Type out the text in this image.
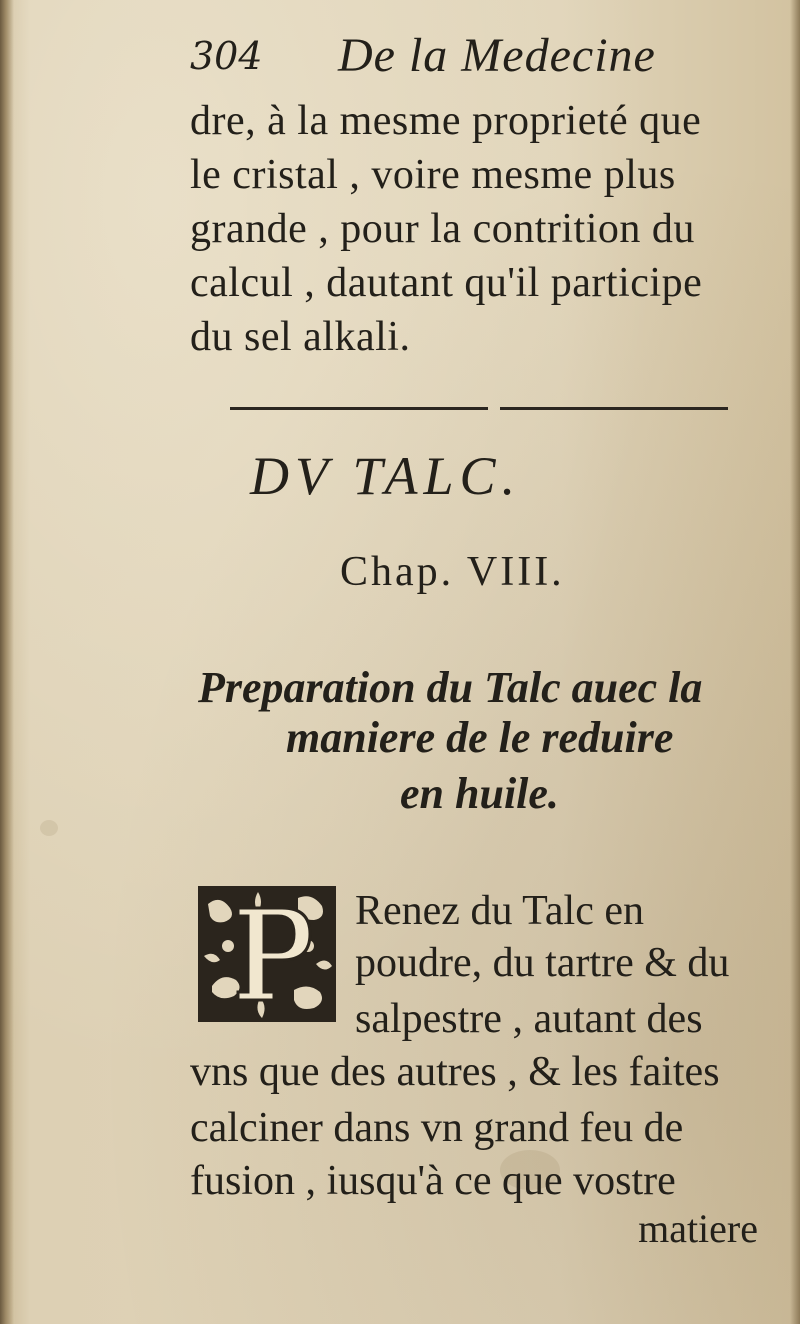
304 De la Medecine
dre, à la mesme proprieté que
le cristal , voire mesme plus
grande , pour la contrition du
calcul , dautant qu'il participe
du sel alkali.
DV TALC.
Chap. VIII.
Preparation du Talc auec la
maniere de le reduire
en huile.
Renez du Talc en
poudre, du tartre & du
salpestre , autant des
vns que des autres , & les faites
calciner dans vn grand feu de
fusion , iusqu'à ce que vostre
matiere
